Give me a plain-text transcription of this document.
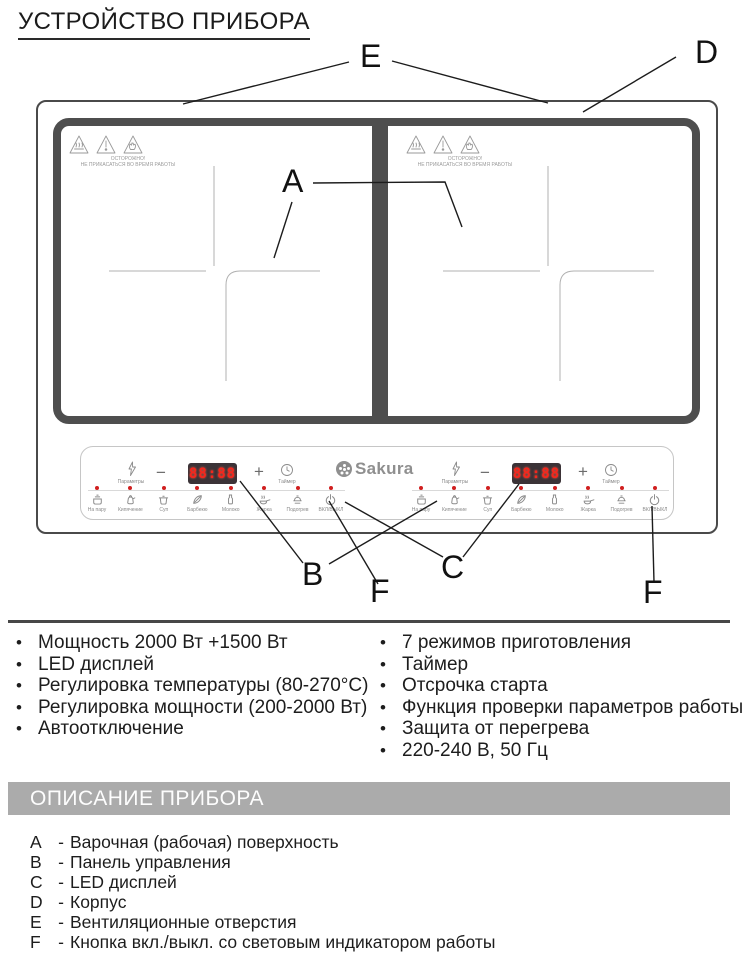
УСТРОЙСТВО ПРИБОРА
ОСТОРОЖНО!
НЕ ПРИКАСАТЬСЯ ВО ВРЕМЯ РАБОТЫ
ОСТОРОЖНО!
НЕ ПРИКАСАТЬСЯ ВО ВРЕМЯ РАБОТЫ
Параметры − 88:88 +
Таймер
На пару Кипячение	Суп	Барбекю	Молоко	Жарка	Подогрев ВКЛ/ВЫКЛ
Sakura
Параметры − 88:88 +
Таймер
На пару Кипячение	Суп	Барбекю	Молоко	Жарка	Подогрев ВКЛ/ВЫКЛ
A
B	C
D
E
F	F
• Мощность 2000 Вт +1500 Вт
• LED дисплей
• Регулировка температуры (80-270°C)
• Регулировка мощности (200-2000 Вт)
• Автоотключение
• 7 режимов приготовления
• Таймер
• Отсрочка старта
• Функция проверки параметров работы
• Защита от перегрева
• 220-240 В, 50 Гц
ОПИСАНИЕ ПРИБОРА
A - Варочная (рабочая) поверхность
B - Панель управления
C - LED дисплей
D - Корпус
E - Вентиляционные отверстия
F - Кнопка вкл./выкл. со световым индикатором работы
